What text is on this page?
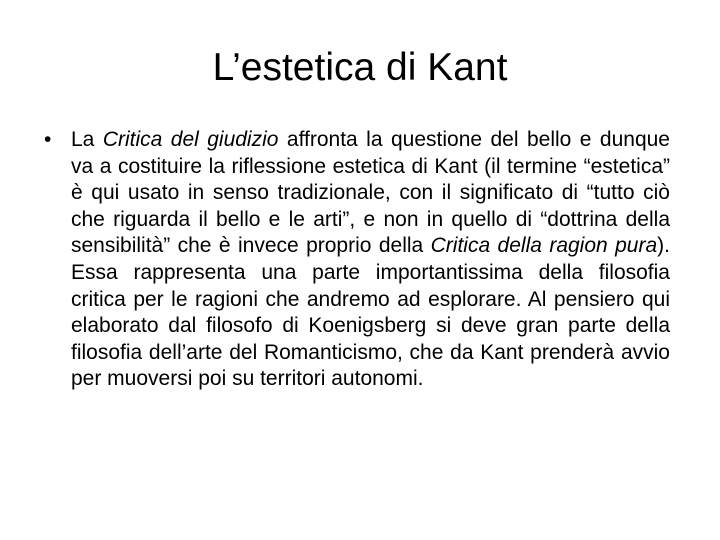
L’estetica di Kant
• La Critica del giudizio affronta la questione del bello e dunque va a costituire la riflessione estetica di Kant (il termine “estetica” è qui usato in senso tradizionale, con il significato di “tutto ciò che riguarda il bello e le arti”, e non in quello di “dottrina della sensibilità” che è invece proprio della Critica della ragion pura). Essa rappresenta una parte importantissima della filosofia critica per le ragioni che andremo ad esplorare. Al pensiero qui elaborato dal filosofo di Koenigsberg si deve gran parte della filosofia dell’arte del Romanticismo, che da Kant prenderà avvio per muoversi poi su territori autonomi.
